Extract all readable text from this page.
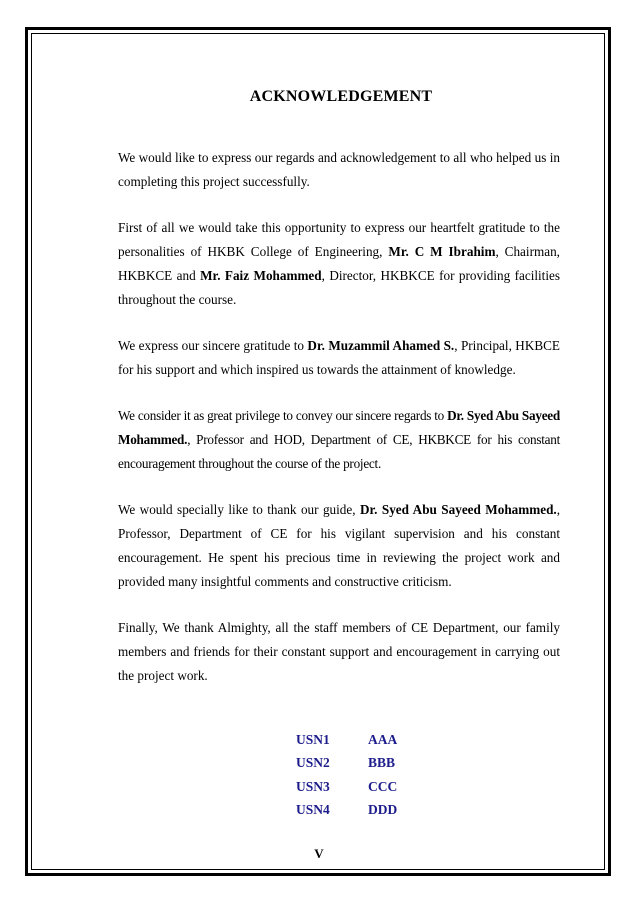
ACKNOWLEDGEMENT

We would like to express our regards and acknowledgement to all who helped us in completing this project successfully.

First of all we would take this opportunity to express our heartfelt gratitude to the personalities of HKBK College of Engineering, Mr. C M Ibrahim, Chairman, HKBKCE and Mr. Faiz Mohammed, Director, HKBKCE for providing facilities throughout the course.

We express our sincere gratitude to Dr. Muzammil Ahamed S., Principal, HKBCE for his support and which inspired us towards the attainment of knowledge.

We consider it as great privilege to convey our sincere regards to Dr. Syed Abu Sayeed Mohammed., Professor and HOD, Department of CE, HKBKCE for his constant encouragement throughout the course of the project.

We would specially like to thank our guide, Dr. Syed Abu Sayeed Mohammed., Professor, Department of CE for his vigilant supervision and his constant encouragement. He spent his precious time in reviewing the project work and provided many insightful comments and constructive criticism.

Finally, We thank Almighty, all the staff members of CE Department, our family members and friends for their constant support and encouragement in carrying out the project work.

USN1	AAA
USN2	BBB
USN3	CCC
USN4	DDD
V
